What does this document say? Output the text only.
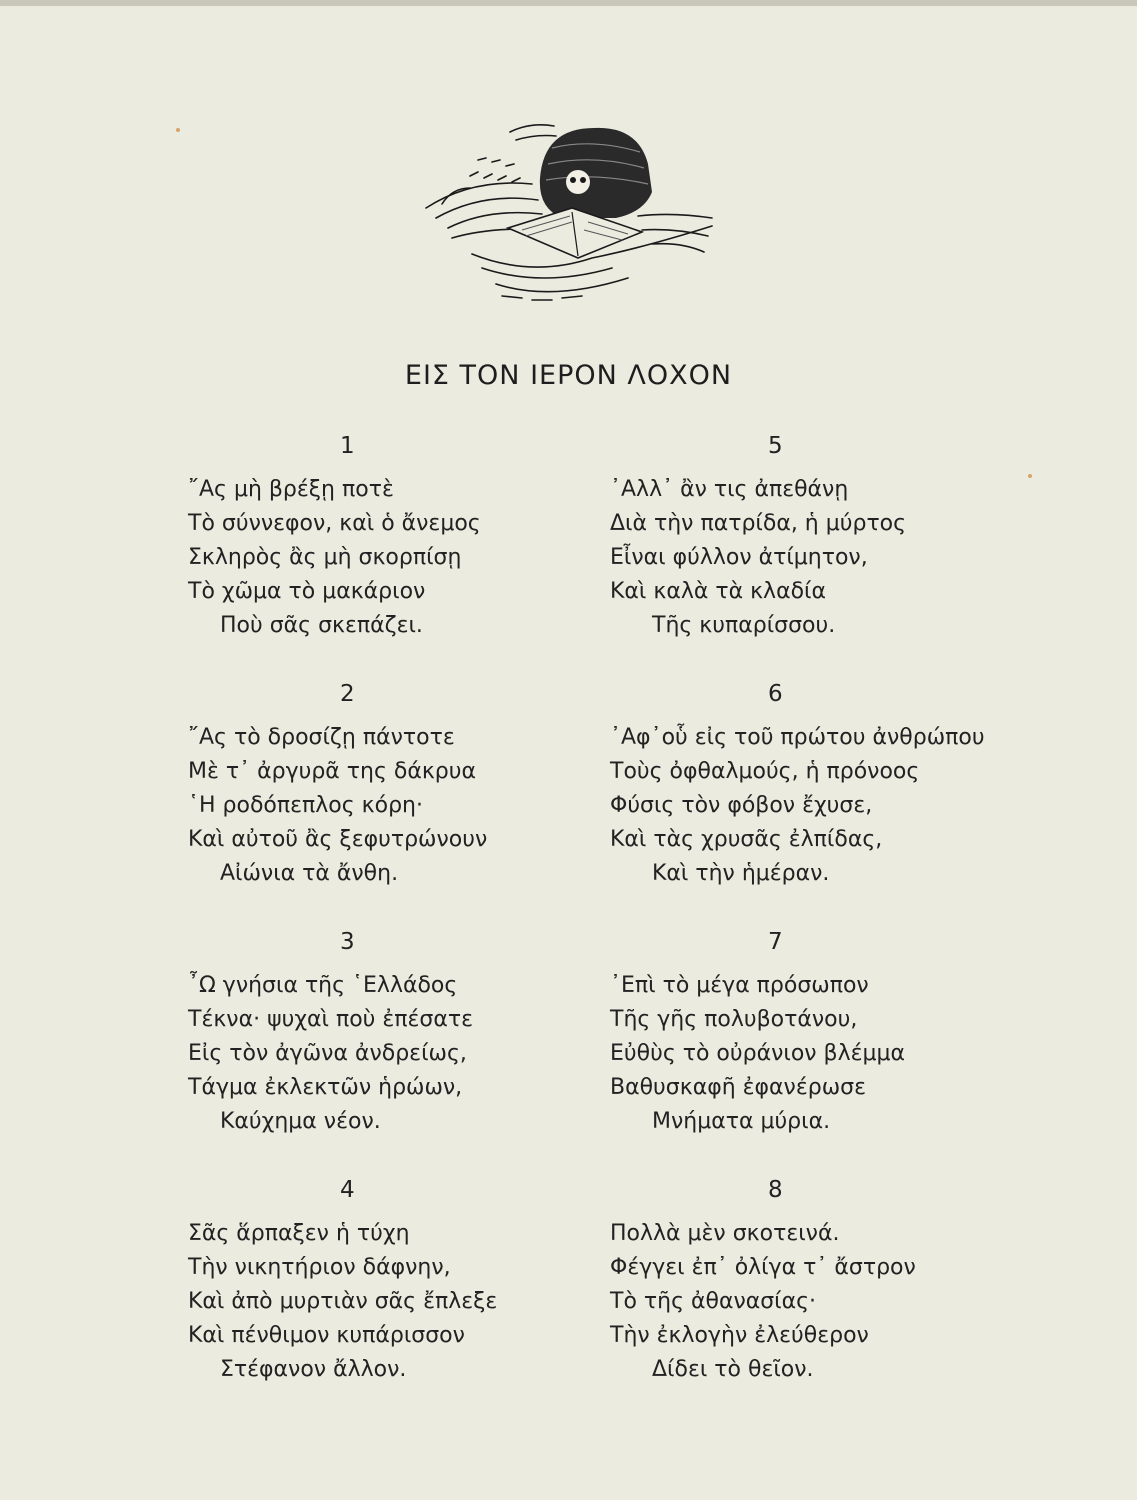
ΕΙΣ ΤΟΝ ΙΕΡΟΝ ΛΟΧΟΝ
1
῎Ας μὴ βρέξῃ ποτὲ
Τὸ σύννεφον, καὶ ὁ ἄνεμος
Σκληρὸς ἂς μὴ σκορπίσῃ
Τὸ χῶμα τὸ μακάριον
Ποὺ σᾶς σκεπάζει.
2
῎Ας τὸ δροσίζῃ πάντοτε
Μὲ τ᾽ ἀργυρᾶ της δάκρυα
῾Η ροδόπεπλος κόρη·
Καὶ αὐτοῦ ἂς ξεφυτρώνουν
Αἰώνια τὰ ἄνθη.
3
῏Ω γνήσια τῆς ῾Ελλάδος
Τέκνα· ψυχαὶ ποὺ ἐπέσατε
Εἰς τὸν ἀγῶνα ἀνδρείως,
Τάγμα ἐκλεκτῶν ἡρώων,
Καύχημα νέον.
4
Σᾶς ἅρπαξεν ἡ τύχη
Τὴν νικητήριον δάφνην,
Καὶ ἀπὸ μυρτιὰν σᾶς ἔπλεξε
Καὶ πένθιμον κυπάρισσον
Στέφανον ἄλλον.
5
᾽Αλλ᾽ ἂν τις ἀπεθάνῃ
Διὰ τὴν πατρίδα, ἡ μύρτος
Εἶναι φύλλον ἀτίμητον,
Καὶ καλὰ τὰ κλαδία
Τῆς κυπαρίσσου.
6
᾽Αφ᾽οὗ εἰς τοῦ πρώτου ἀνθρώπου
Τοὺς ὀφθαλμούς, ἡ πρόνοος
Φύσις τὸν φόβον ἔχυσε,
Καὶ τὰς χρυσᾶς ἐλπίδας,
Καὶ τὴν ἡμέραν.
7
᾽Επὶ τὸ μέγα πρόσωπον
Τῆς γῆς πολυβοτάνου,
Εὐθὺς τὸ οὐράνιον βλέμμα
Βαθυσκαφῆ ἐφανέρωσε
Μνήματα μύρια.
8
Πολλὰ μὲν σκοτεινά.
Φέγγει ἐπ᾽ ὀλίγα τ᾽ ἄστρον
Τὸ τῆς ἀθανασίας·
Τὴν ἐκλογὴν ἐλεύθερον
Δίδει τὸ θεῖον.
